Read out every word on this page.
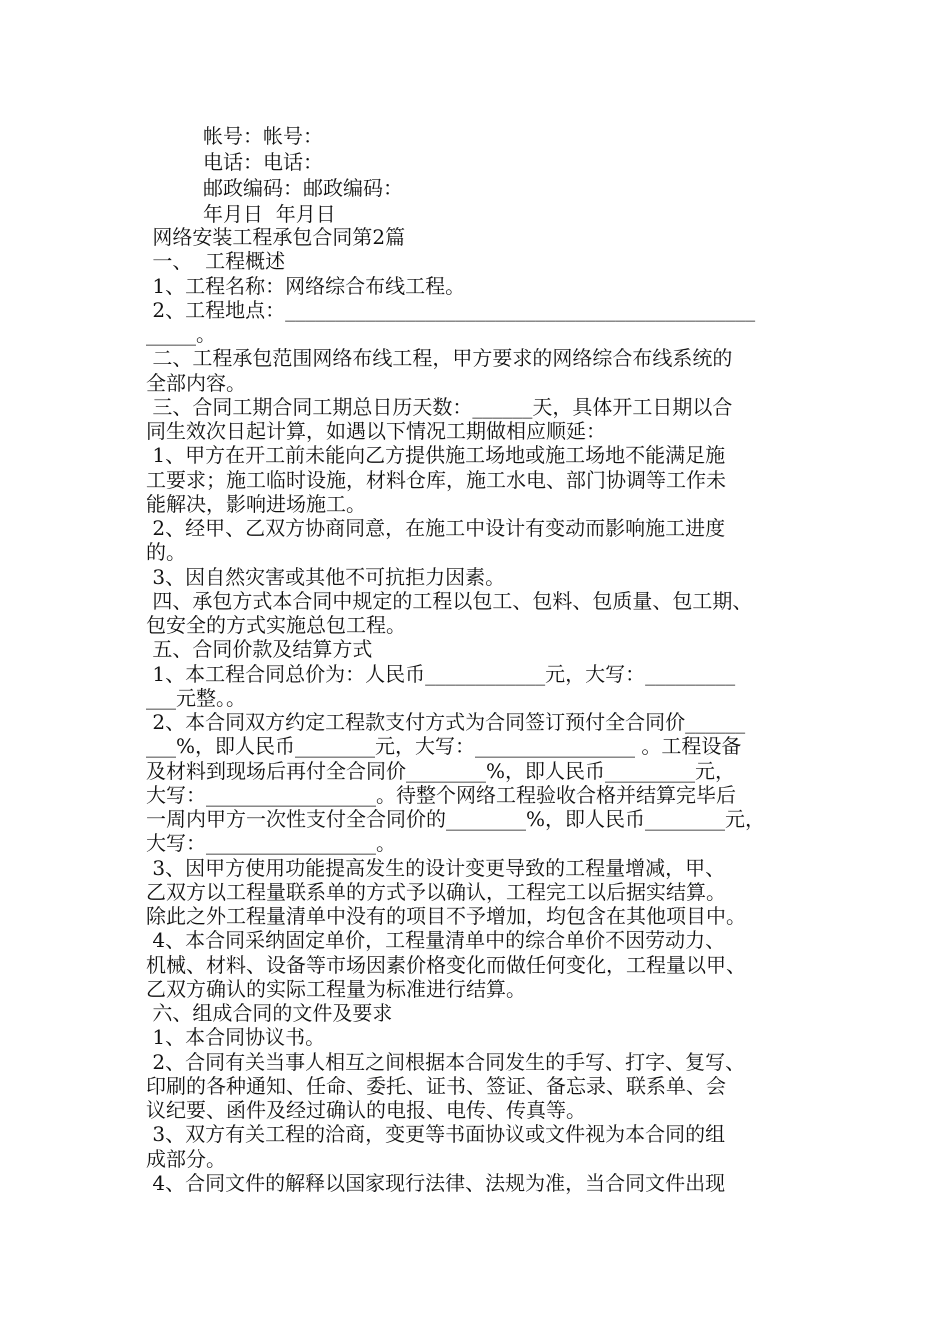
帐号：帐号：
电话：电话：
邮政编码：邮政编码：
年月日  年月日
网络安装工程承包合同第2篇
一、  工程概述
1、工程名称：网络综合布线工程。
2、工程地点：_______________________________________________
_____。
二、工程承包范围网络布线工程，甲方要求的网络综合布线系统的
全部内容。
三、合同工期合同工期总日历天数：______天，具体开工日期以合
同生效次日起计算，如遇以下情况工期做相应顺延：
1、甲方在开工前未能向乙方提供施工场地或施工场地不能满足施
工要求；施工临时设施，材料仓库，施工水电、部门协调等工作未
能解决，影响进场施工。
2、经甲、乙双方协商同意，在施工中设计有变动而影响施工进度
的。
3、因自然灾害或其他不可抗拒力因素。
四、承包方式本合同中规定的工程以包工、包料、包质量、包工期、
包安全的方式实施总包工程。
五、合同价款及结算方式
1、本工程合同总价为：人民币____________元，大写：_________
___元整。。
2、本合同双方约定工程款支付方式为合同签订预付全合同价______
___%，即人民币________元，大写：________________ 。工程设备
及材料到现场后再付全合同价________%，即人民币_________元，
大写：_________________。待整个网络工程验收合格并结算完毕后
一周内甲方一次性支付全合同价的________%，即人民币________元，
大写：_________________。
3、因甲方使用功能提高发生的设计变更导致的工程量增减，甲、
乙双方以工程量联系单的方式予以确认，工程完工以后据实结算。
除此之外工程量清单中没有的项目不予增加，均包含在其他项目中。
4、本合同采纳固定单价，工程量清单中的综合单价不因劳动力、
机械、材料、设备等市场因素价格变化而做任何变化，工程量以甲、
乙双方确认的实际工程量为标准进行结算。
六、组成合同的文件及要求
1、本合同协议书。
2、合同有关当事人相互之间根据本合同发生的手写、打字、复写、
印刷的各种通知、任命、委托、证书、签证、备忘录、联系单、会
议纪要、函件及经过确认的电报、电传、传真等。
3、双方有关工程的洽商，变更等书面协议或文件视为本合同的组
成部分。
4、合同文件的解释以国家现行法律、法规为准，当合同文件出现
